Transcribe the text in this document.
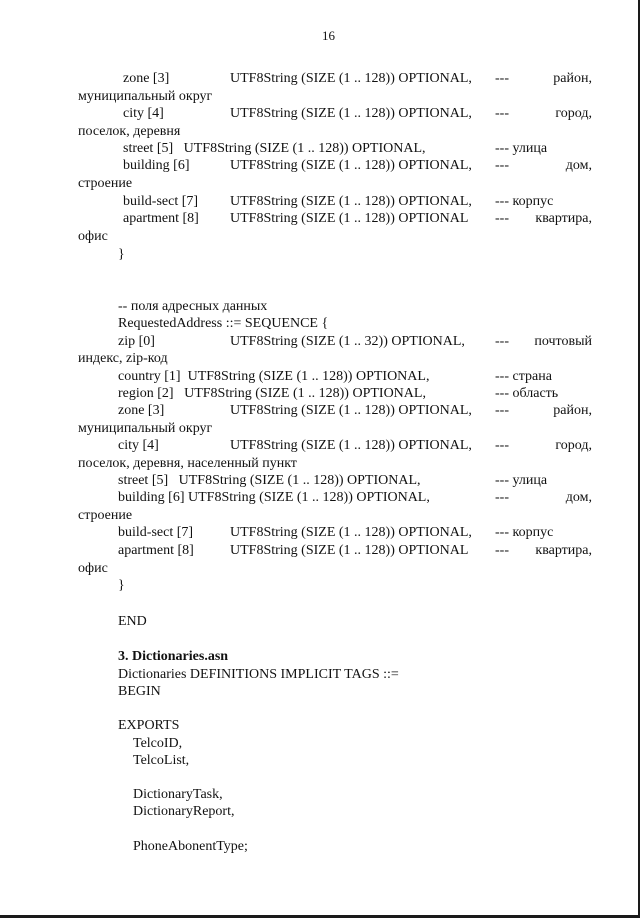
16
zone [3]	UTF8String (SIZE (1 .. 128)) OPTIONAL, ---	район,
муниципальный округ
city [4]	UTF8String (SIZE (1 .. 128)) OPTIONAL, ---	город,
поселок, деревня
street [5]   UTF8String (SIZE (1 .. 128)) OPTIONAL,	--- улица
building [6]	UTF8String (SIZE (1 .. 128)) OPTIONAL, ---	дом,
строение
build-sect [7] UTF8String (SIZE (1 .. 128)) OPTIONAL, --- корпус
apartment [8] UTF8String (SIZE (1 .. 128)) OPTIONAL --- квартира,
офис
}
-- поля адресных данных
RequestedAddress ::= SEQUENCE {
zip [0]	UTF8String (SIZE (1 .. 32)) OPTIONAL, --- почтовый
индекс, zip-код
country [1]  UTF8String (SIZE (1 .. 128)) OPTIONAL,	--- страна
region [2]   UTF8String (SIZE (1 .. 128)) OPTIONAL,	--- область
zone [3]	UTF8String (SIZE (1 .. 128)) OPTIONAL, ---	район,
муниципальный округ
city [4]	UTF8String (SIZE (1 .. 128)) OPTIONAL, ---	город,
поселок, деревня, населенный пункт
street [5]   UTF8String (SIZE (1 .. 128)) OPTIONAL,	--- улица
building [6] UTF8String (SIZE (1 .. 128)) OPTIONAL,	---	дом,
строение
build-sect [7]	UTF8String (SIZE (1 .. 128)) OPTIONAL, --- корпус
apartment [8]	UTF8String (SIZE (1 .. 128)) OPTIONAL --- квартира,
офис
}
END
3. Dictionaries.asn
Dictionaries DEFINITIONS IMPLICIT TAGS ::=
BEGIN
EXPORTS
TelcoID,
TelcoList,
DictionaryTask,
DictionaryReport,
PhoneAbonentType;
